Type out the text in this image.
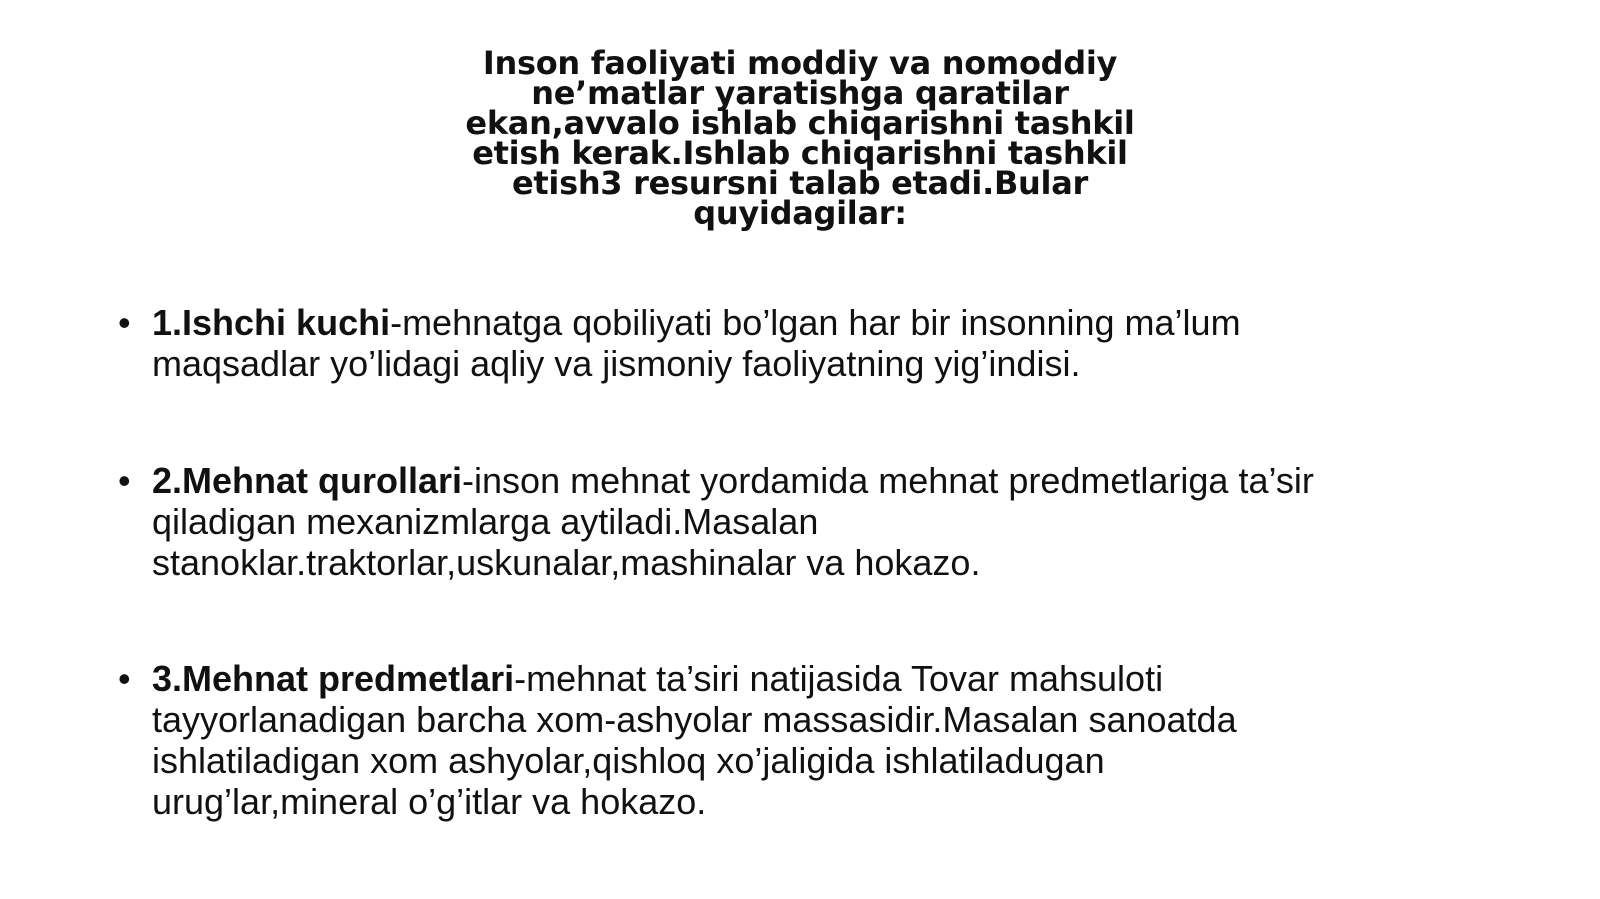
Inson faoliyati moddiy va nomoddiy
ne’matlar yaratishga qaratilar
ekan,avvalo ishlab chiqarishni tashkil
etish kerak.Ishlab chiqarishni tashkil
etish3 resursni talab etadi.Bular
quyidagilar:
• 1.Ishchi kuchi-mehnatga qobiliyati bo’lgan har bir insonning ma’lum
maqsadlar yo’lidagi aqliy va jismoniy faoliyatning yig’indisi.
• 2.Mehnat qurollari-inson mehnat yordamida mehnat predmetlariga ta’sir
qiladigan mexanizmlarga aytiladi.Masalan
stanoklar.traktorlar,uskunalar,mashinalar va hokazo.
• 3.Mehnat predmetlari-mehnat ta’siri natijasida Tovar mahsuloti
tayyorlanadigan barcha xom-ashyolar massasidir.Masalan sanoatda
ishlatiladigan xom ashyolar,qishloq xo’jaligida ishlatiladugan
urug’lar,mineral o’g’itlar va hokazo.
